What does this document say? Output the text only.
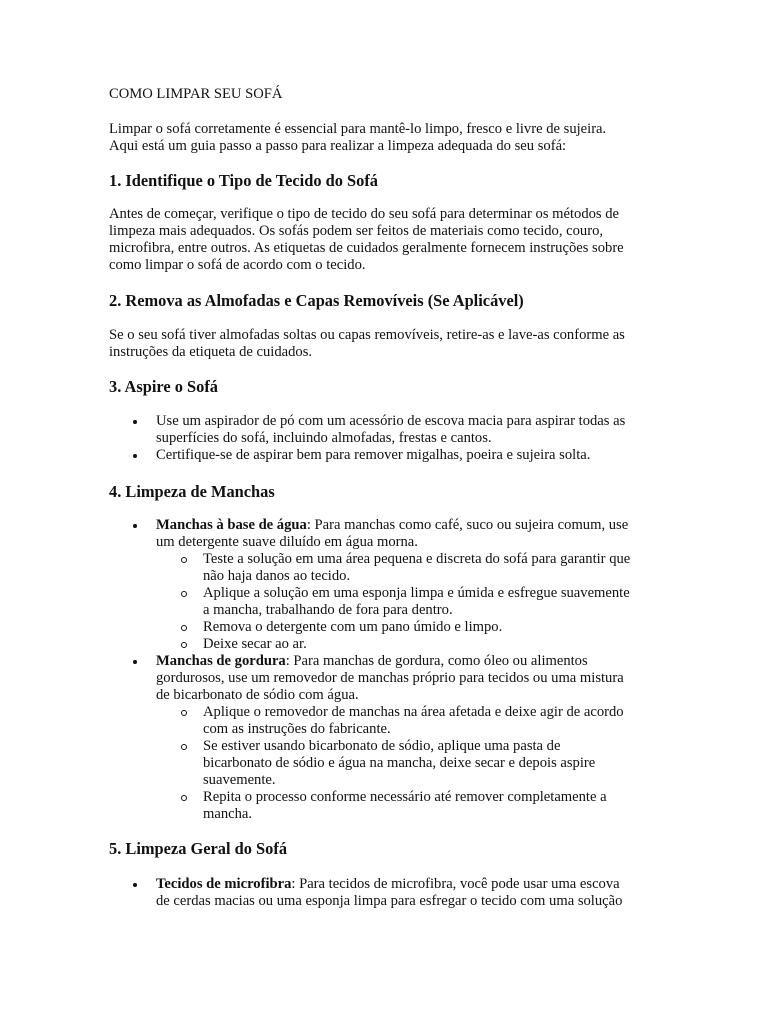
COMO LIMPAR SEU SOFÁ

Limpar o sofá corretamente é essencial para mantê-lo limpo, fresco e livre de sujeira.
Aqui está um guia passo a passo para realizar a limpeza adequada do seu sofá:

1. Identifique o Tipo de Tecido do Sofá

Antes de começar, verifique o tipo de tecido do seu sofá para determinar os métodos de
limpeza mais adequados. Os sofás podem ser feitos de materiais como tecido, couro,
microfibra, entre outros. As etiquetas de cuidados geralmente fornecem instruções sobre
como limpar o sofá de acordo com o tecido.

2. Remova as Almofadas e Capas Removíveis (Se Aplicável)

Se o seu sofá tiver almofadas soltas ou capas removíveis, retire-as e lave-as conforme as
instruções da etiqueta de cuidados.

3. Aspire o Sofá
Use um aspirador de pó com um acessório de escova macia para aspirar todas as
superfícies do sofá, incluindo almofadas, frestas e cantos.
Certifique-se de aspirar bem para remover migalhas, poeira e sujeira solta.
4. Limpeza de Manchas
Manchas à base de água: Para manchas como café, suco ou sujeira comum, use
um detergente suave diluído em água morna.
Teste a solução em uma área pequena e discreta do sofá para garantir que
não haja danos ao tecido.
Aplique a solução em uma esponja limpa e úmida e esfregue suavemente
a mancha, trabalhando de fora para dentro.
Remova o detergente com um pano úmido e limpo.
Deixe secar ao ar.
Manchas de gordura: Para manchas de gordura, como óleo ou alimentos
gordurosos, use um removedor de manchas próprio para tecidos ou uma mistura
de bicarbonato de sódio com água.
Aplique o removedor de manchas na área afetada e deixe agir de acordo
com as instruções do fabricante.
Se estiver usando bicarbonato de sódio, aplique uma pasta de
bicarbonato de sódio e água na mancha, deixe secar e depois aspire
suavemente.
Repita o processo conforme necessário até remover completamente a
mancha.
5. Limpeza Geral do Sofá
Tecidos de microfibra: Para tecidos de microfibra, você pode usar uma escova
de cerdas macias ou uma esponja limpa para esfregar o tecido com uma solução
